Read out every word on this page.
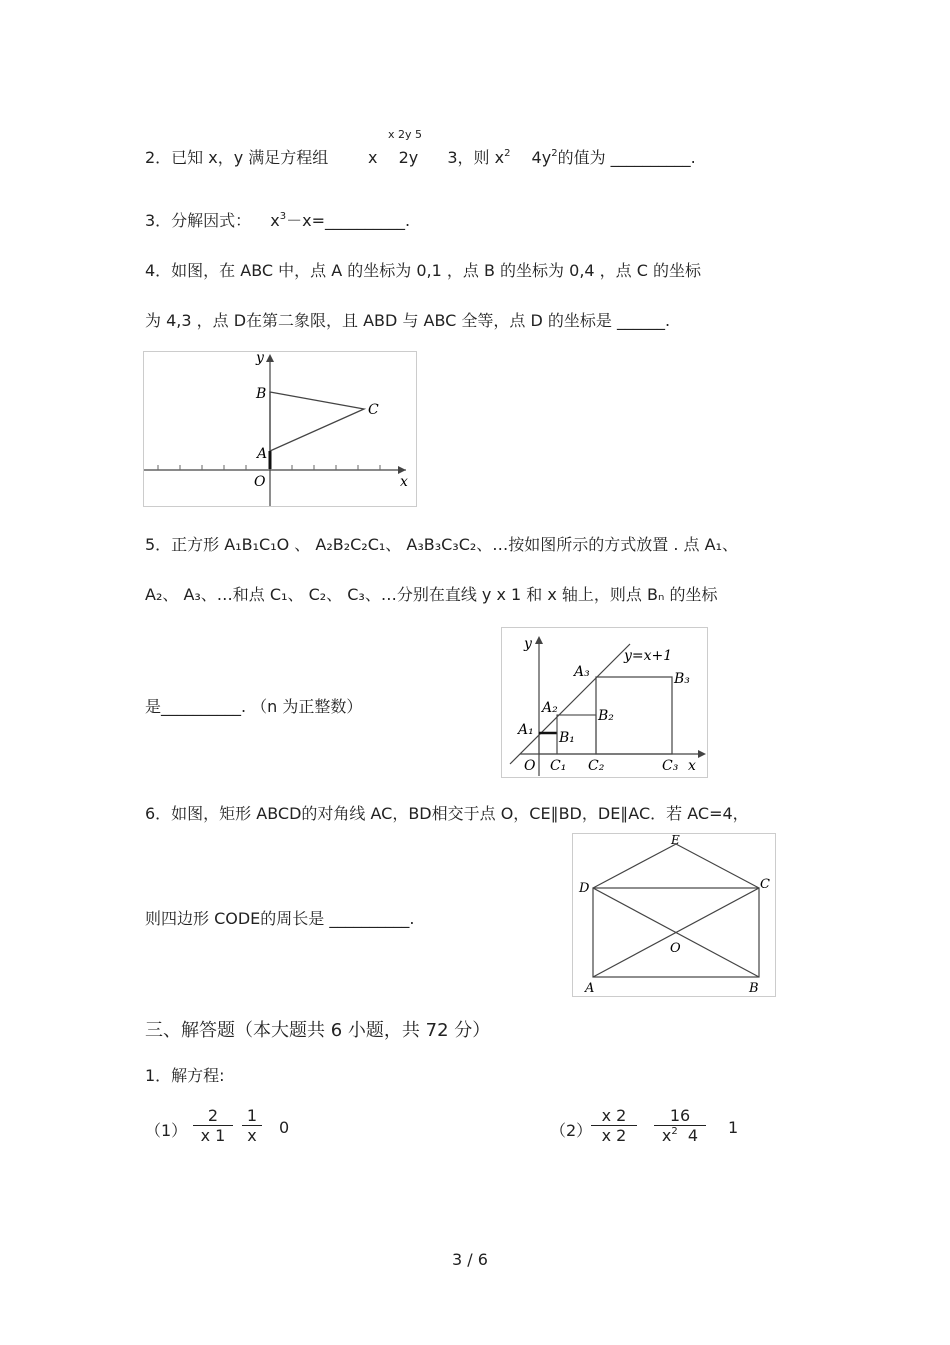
x 2y 5
2．已知 x，y 满足方程组 x 2y 3，则 $x^2$ $4y^2$的值为 __________.
3．分解因式： $x^3-x=\_\_\_\_\_\_\_\_\_\_$.
4．如图，在 ABC 中，点 A 的坐标为 0,1 ，点 B 的坐标为 0,4 ，点 C 的坐标
为 4,3 ，点 D在第二象限，且 ABD 与 ABC 全等，点 D 的坐标是 ______.
y
x
B
A
C
O
5．正方形 A₁B₁C₁O 、 A₂B₂C₂C₁、 A₃B₃C₃C₂、…按如图所示的方式放置 . 点 A₁、
A₂、 A₃、…和点 C₁、 C₂、 C₃、…分别在直线 y x 1 和 x 轴上，则点 Bₙ 的坐标
是__________. （n 为正整数）
y
y=x+1
A₃	B₃
A₂	B₂
A₁ B₁
O C₁ C₂	C₃ x
6．如图，矩形 ABCD的对角线 AC，BD相交于点 O，CE∥BD，DE∥AC．若 AC=4，
则四边形 CODE的周长是 __________.
E
D	C
O
A	B
三、解答题（本大题共 6 小题，共 72 分）
1．解方程:
$(1) \frac{2}{x 1} \frac{1}{x} 0$	（2）
$\frac{x 2}{x 2} \frac{16}{x^2 4} 1$
3 / 6
